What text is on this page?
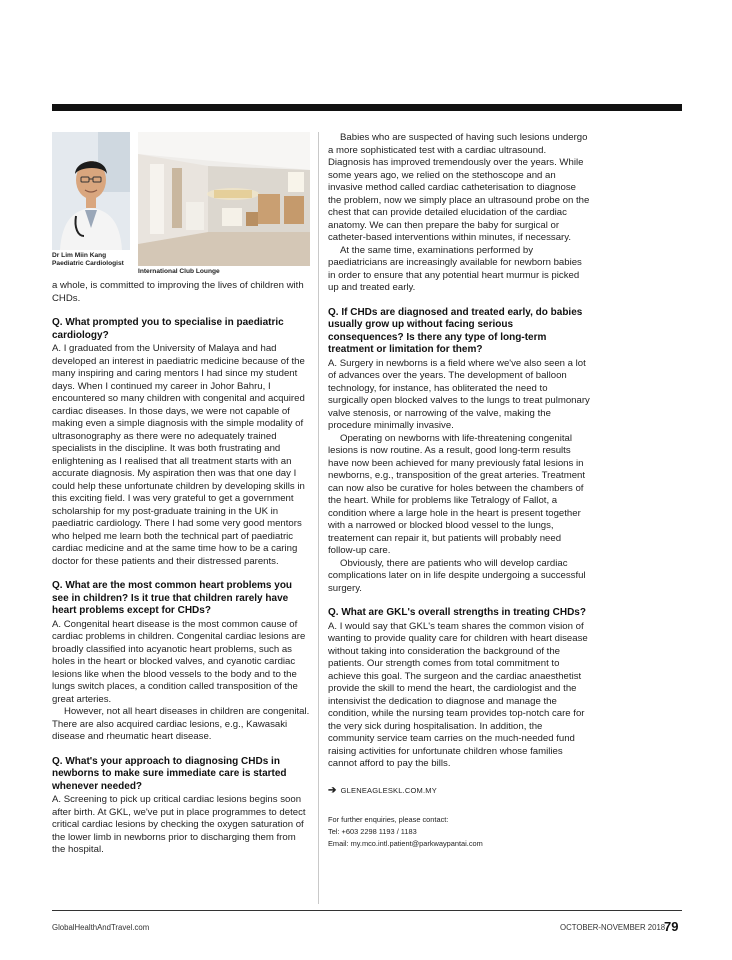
Dr Lim Miin Kang Paediatric Cardiologist
International Club Lounge

a whole, is committed to improving the lives of children with CHDs.

Q. What prompted you to specialise in paediatric cardiology?

A. I graduated from the University of Malaya and had developed an interest in paediatric medicine because of the many inspiring and caring mentors I had since my student days. When I continued my career in Johor Bahru, I encountered so many children with congenital and acquired cardiac diseases. In those days, we were not capable of making even a simple diagnosis with the simple modality of ultrasonography as there were no adequately trained specialists in the discipline. It was both frustrating and enlightening as I realised that all treatment starts with an accurate diagnosis. My aspiration then was that one day I could help these unfortunate children by developing skills in this exciting field. I was very grateful to get a government scholarship for my post-graduate training in the UK in paediatric cardiology. There I had some very good mentors who helped me learn both the technical part of paediatric cardiac medicine and at the same time how to be a caring doctor for these patients and their distressed parents.

Q. What are the most common heart problems you see in children? Is it true that children rarely have heart problems except for CHDs?

A. Congenital heart disease is the most common cause of cardiac problems in children. Congenital cardiac lesions are broadly classified into acyanotic heart problems, such as holes in the heart or blocked valves, and cyanotic cardiac lesions like when the blood vessels to the body and to the lungs switch places, a condition called transposition of the great arteries.

However, not all heart diseases in children are congenital. There are also acquired cardiac lesions, e.g., Kawasaki disease and rheumatic heart disease.

Q. What's your approach to diagnosing CHDs in newborns to make sure immediate care is started whenever needed?

A. Screening to pick up critical cardiac lesions begins soon after birth. At GKL, we've put in place programmes to detect critical cardiac lesions by checking the oxygen saturation of the lower limb in newborns prior to discharging them from the hospital.

Babies who are suspected of having such lesions undergo a more sophisticated test with a cardiac ultrasound. Diagnosis has improved tremendously over the years. While some years ago, we relied on the stethoscope and an invasive method called cardiac catheterisation to diagnose the problem, now we simply place an ultrasound probe on the chest that can provide detailed elucidation of the cardiac anatomy. We can then prepare the baby for surgical or catheter-based interventions within minutes, if necessary.

At the same time, examinations performed by paediatricians are increasingly available for newborn babies in order to ensure that any potential heart murmur is picked up and treated early.

Q. If CHDs are diagnosed and treated early, do babies usually grow up without facing serious consequences? Is there any type of long-term treatment or limitation for them?

A. Surgery in newborns is a field where we've also seen a lot of advances over the years. The development of balloon technology, for instance, has obliterated the need to surgically open blocked valves to the lungs to treat pulmonary valve stenosis, or narrowing of the valve, making the procedure minimally invasive.

Operating on newborns with life-threatening congenital lesions is now routine. As a result, good long-term results have now been achieved for many previously fatal lesions in newborns, e.g., transposition of the great arteries. Treatment can now also be curative for holes between the chambers of the heart. While for problems like Tetralogy of Fallot, a condition where a large hole in the heart is present together with a narrowed or blocked blood vessel to the lungs, treatement can repair it, but patients will probably need follow-up care.

Obviously, there are patients who will develop cardiac complications later on in life despite undergoing a successful surgery.

Q. What are GKL's overall strengths in treating CHDs?

A. I would say that GKL's team shares the common vision of wanting to provide quality care for children with heart disease without taking into consideration the background of the patients. Our strength comes from total commitment to achieve this goal. The surgeon and the cardiac anaesthetist provide the skill to mend the heart, the cardiologist and the intensivist the dedication to diagnose and manage the condition, while the nursing team provides top-notch care for the very sick during hospitalisation. In addition, the community service team carries on the much-needed fund raising activities for unfortunate children whose families cannot afford to pay the bills.

➔ GLENEAGLESKL.COM.MY
For further enquiries, please contact:
Tel: +603 2298 1193 / 1183
Email: my.mco.intl.patient@parkwaypantai.com
GlobalHealthAndTravel.com	OCTOBER-NOVEMBER 2018
79
